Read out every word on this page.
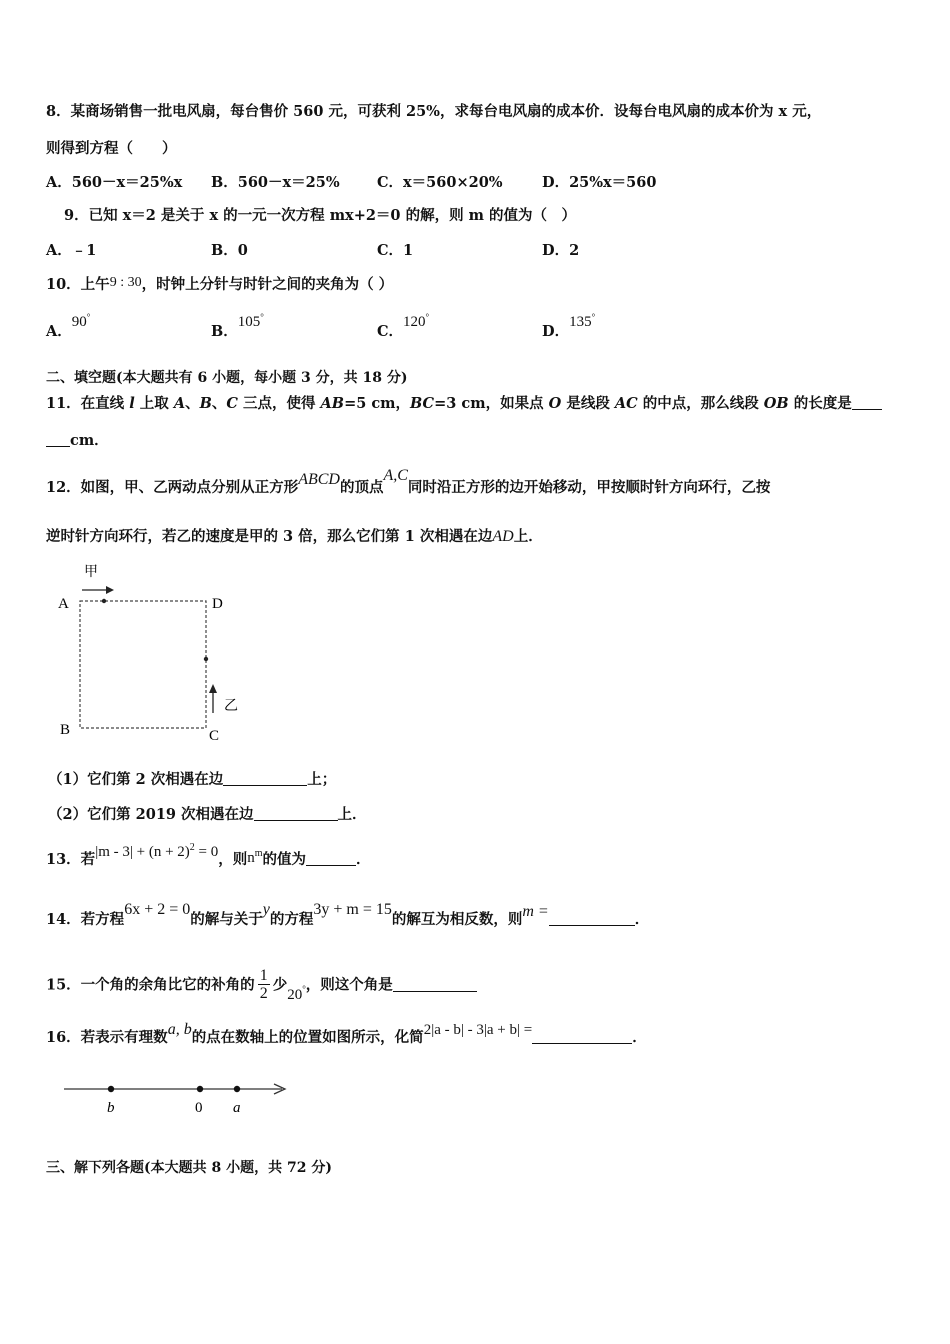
8．某商场销售一批电风扇，每台售价 560 元，可获利 25%，求每台电风扇的成本价．设每台电风扇的成本价为 x 元，
则得到方程（　　）
A．560－x＝25%x B．560－x＝25%	C．x＝560×20%	D．25%x＝560
9．已知 x＝2 是关于 x 的一元一次方程 mx+2＝0 的解，则 m 的值为（　）
A．﹣1	B．0	C．1	D．2
10．上午9 : 30，时钟上分针与时针之间的夹角为（ ）
A．90°
B．105°
C．120°
D．135°
二、填空题(本大题共有 6 小题，每小题 3 分，共 18 分)
11．在直线 l 上取 A、B、C 三点，使得 AB=5 cm，BC=3 cm，如果点 O 是线段 AC 的中点，那么线段 OB 的长度是
cm．
12．如图，甲、乙两动点分别从正方形ABCD的顶点A,C同时沿正方形的边开始移动，甲按顺时针方向环行，乙按
逆时针方向环行，若乙的速度是甲的 3 倍，那么它们第 1 次相遇在边AD上．
甲
乙
A	D
B	C
（1）它们第 2 次相遇在边	上；
（2）它们第 2019 次相遇在边	上．
13．若$|m - 3| + (n + 2)^2 = 0$，则$n^m$的值为	．
14．若方程6x + 2 = 0的解与关于y的方程3y + m = 15的解互为相反数，则m =	．
15．一个角的余角比它的补角的 $\frac{1}{2}$ 少20°，则这个角是
16．若表示有理数a, b的点在数轴上的位置如图所示，化简2|a - b| - 3|a + b| =	．
b	0 a
三、解下列各题(本大题共 8 小题，共 72 分)
